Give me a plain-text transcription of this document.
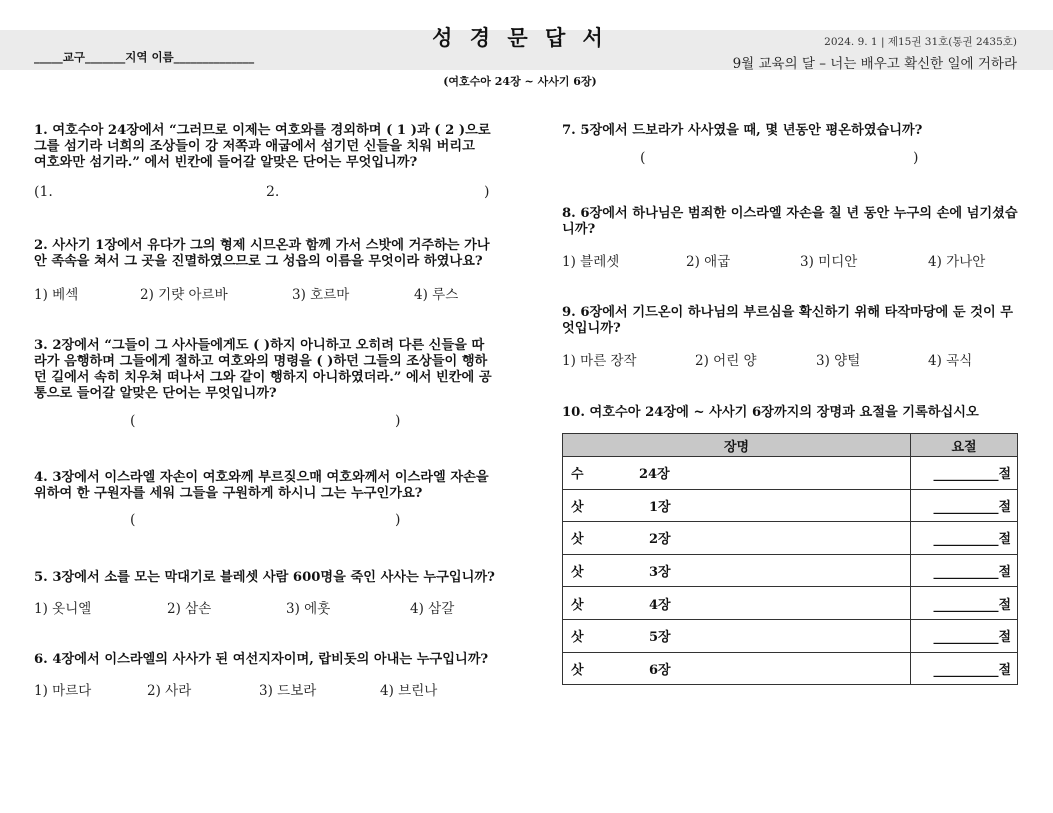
성 경 문 답 서
_____교구_______지역 이름______________
2024. 9. 1 | 제15권 31호(통권 2435호)
9월 교육의 달 – 너는 배우고 확신한 일에 거하라
(여호수아 24장 ~ 사사기 6장)

1. 여호수아 24장에서 “그러므로 이제는 여호와를 경외하며 ( 1 )과 ( 2 )으로 그를 섬기라 너희의 조상들이 강 저쪽과 애굽에서 섬기던 신들을 치워 버리고 여호와만 섬기라.” 에서 빈칸에 들어갈 알맞은 단어는 무엇입니까?

(1.	2.	)

2. 사사기 1장에서 유다가 그의 형제 시므온과 함께 가서 스밧에 거주하는 가나안 족속을 쳐서 그 곳을 진멸하였으므로 그 성읍의 이름을 무엇이라 하였나요?

1) 베섹	2) 기럇 아르바	3) 호르마	4) 루스

3. 2장에서 “그들이 그 사사들에게도 ( )하지 아니하고 오히려 다른 신들을 따라가 음행하며 그들에게 절하고 여호와의 명령을 ( )하던 그들의 조상들이 행하던 길에서 속히 치우쳐 떠나서 그와 같이 행하지 아니하였더라.” 에서 빈칸에 공통으로 들어갈 알맞은 단어는 무엇입니까?

(	)

4. 3장에서 이스라엘 자손이 여호와께 부르짖으매 여호와께서 이스라엘 자손을 위하여 한 구원자를 세워 그들을 구원하게 하시니 그는 누구인가요?

(	)

5. 3장에서 소를 모는 막대기로 블레셋 사람 600명을 죽인 사사는 누구입니까?

1) 옷니엘	2) 삼손	3) 에훗	4) 삼갈

6. 4장에서 이스라엘의 사사가 된 여선지자이며, 랍비돗의 아내는 누구입니까?

1) 마르다	2) 사라	3) 드보라	4) 브린나

7. 5장에서 드보라가 사사였을 때, 몇 년동안 평온하였습니까?

(	)

8. 6장에서 하나님은 범죄한 이스라엘 자손을 칠 년 동안 누구의 손에 넘기셨습니까?

1) 블레셋	2) 애굽	3) 미디안	4) 가나안

9. 6장에서 기드온이 하나님의 부르심을 확신하기 위해 타작마당에 둔 것이 무엇입니까?

1) 마른 장작	2) 어린 양	3) 양털	4) 곡식

10. 여호수아 24장에 ~ 사사기 6장까지의 장명과 요절을 기록하십시오

장명	요절
수 24장	__________절
삿 1장	__________절
삿 2장	__________절
삿 3장	__________절
삿 4장	__________절
삿 5장	__________절
삿 6장	__________절
